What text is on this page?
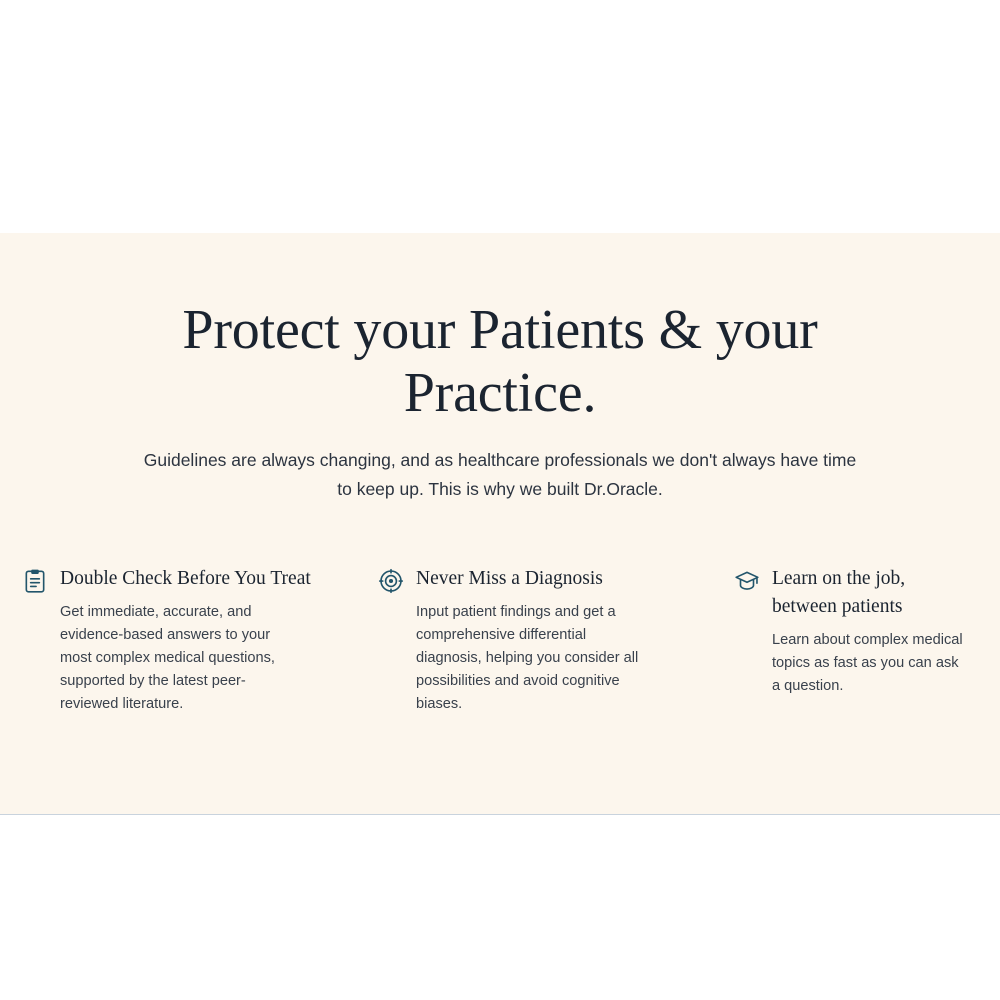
Protect your Patients & your Practice.

Guidelines are always changing, and as healthcare professionals we don't always have time to keep up. This is why we built Dr.Oracle.

Double Check Before You Treat

Get immediate, accurate, and evidence-based answers to your most complex medical questions, supported by the latest peer-reviewed literature.

Never Miss a Diagnosis

Input patient findings and get a comprehensive differential diagnosis, helping you consider all possibilities and avoid cognitive biases.

Learn on the job, between patients

Learn about complex medical topics as fast as you can ask a question.
